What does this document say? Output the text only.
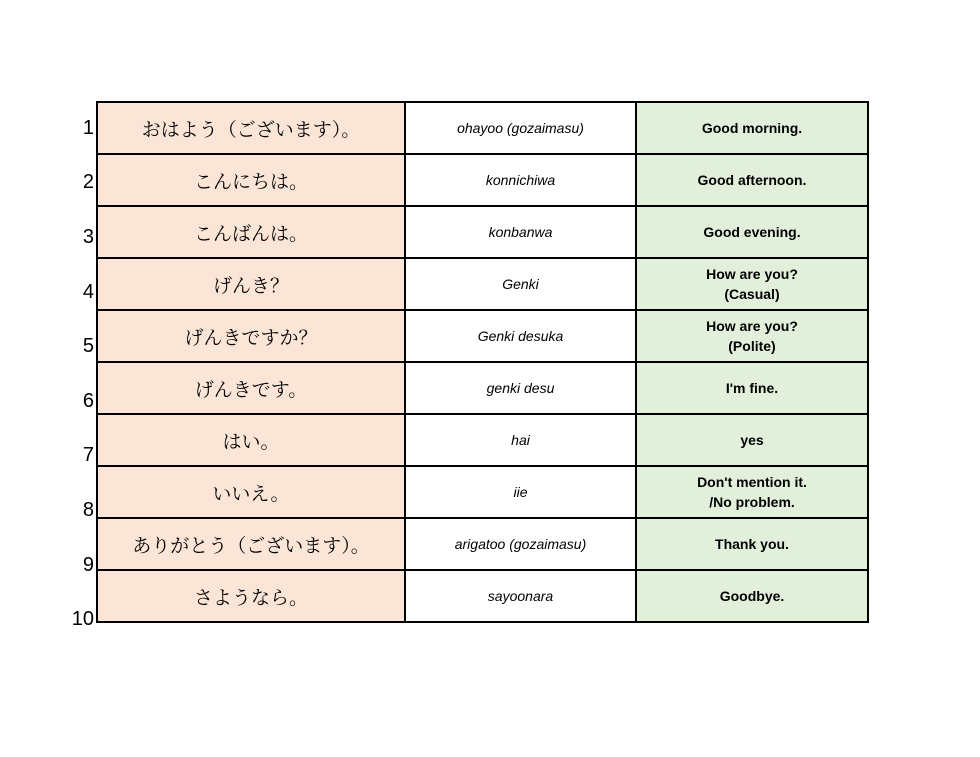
1
2
3
4
5
6
7
8
9
10
おはよう（ございます）。	ohayoo (gozaimasu)	Good morning.

こんにちは。	konnichiwa	Good afternoon.

こんばんは。	konbanwa	Good evening.

げんき？	Genki	How are you?
(Casual)

げんきですか？	Genki desuka	How are you?
(Polite)

げんきです。	genki desu	I'm fine.

はい。	hai	yes

いいえ。	iie	Don't mention it.
/No problem.

ありがとう（ございます）。	arigatoo (gozaimasu)	Thank you.

さようなら。	sayoonara	Goodbye.
